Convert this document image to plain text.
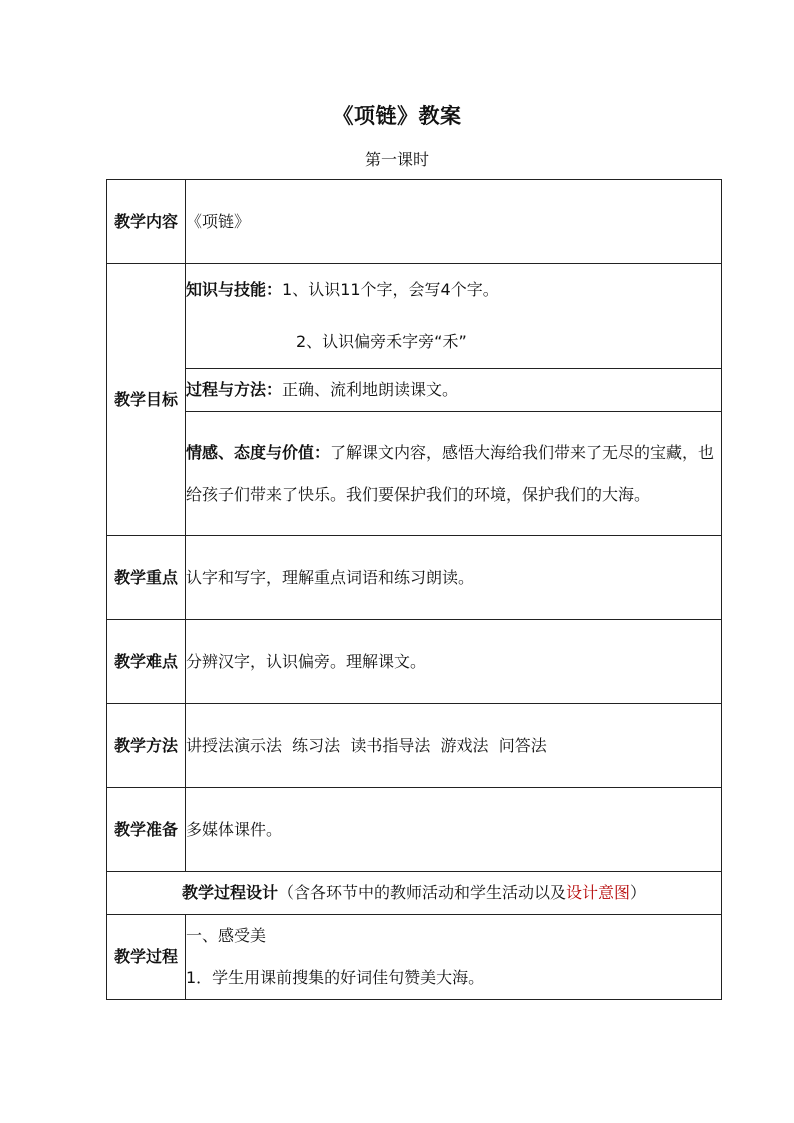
《项链》教案
第一课时
教学内容	《项链》
教学目标	知识与技能：1、认识11个字，会写4个字。
2、认识偏旁禾字旁“禾”

	过程与方法：正确、流利地朗读课文。
	情感、态度与价值：了解课文内容，感悟大海给我们带来了无尽的宝藏，也给孩子们带来了快乐。我们要保护我们的环境，保护我们的大海。
教学重点	认字和写字，理解重点词语和练习朗读。
教学难点	分辨汉字，认识偏旁。理解课文。
教学方法	讲授法演示法  练习法  读书指导法  游戏法  问答法
教学准备	多媒体课件。
教学过程设计（含各环节中的教师活动和学生活动以及设计意图）	
教学过程	一、感受美
1．学生用课前搜集的好词佳句赞美大海。
